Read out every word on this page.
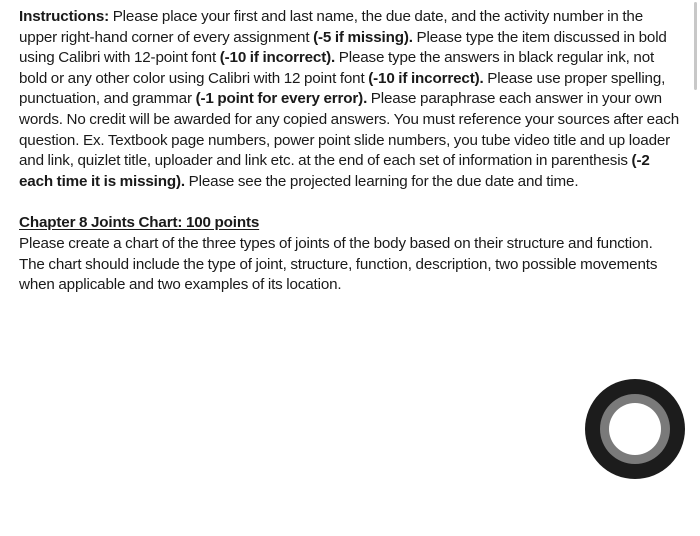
Instructions: Please place your first and last name, the due date, and the activity number in the upper right-hand corner of every assignment (-5 if missing). Please type the item discussed in bold using Calibri with 12-point font (-10 if incorrect). Please type the answers in black regular ink, not bold or any other color using Calibri with 12 point font (-10 if incorrect). Please use proper spelling, punctuation, and grammar (-1 point for every error). Please paraphrase each answer in your own words. No credit will be awarded for any copied answers. You must reference your sources after each question. Ex. Textbook page numbers, power point slide numbers, you tube video title and up loader and link, quizlet title, uploader and link etc. at the end of each set of information in parenthesis (-2 each time it is missing). Please see the projected learning for the due date and time.

Chapter 8 Joints Chart: 100 points

Please create a chart of the three types of joints of the body based on their structure and function. The chart should include the type of joint, structure, function, description, two possible movements when applicable and two examples of its location.
